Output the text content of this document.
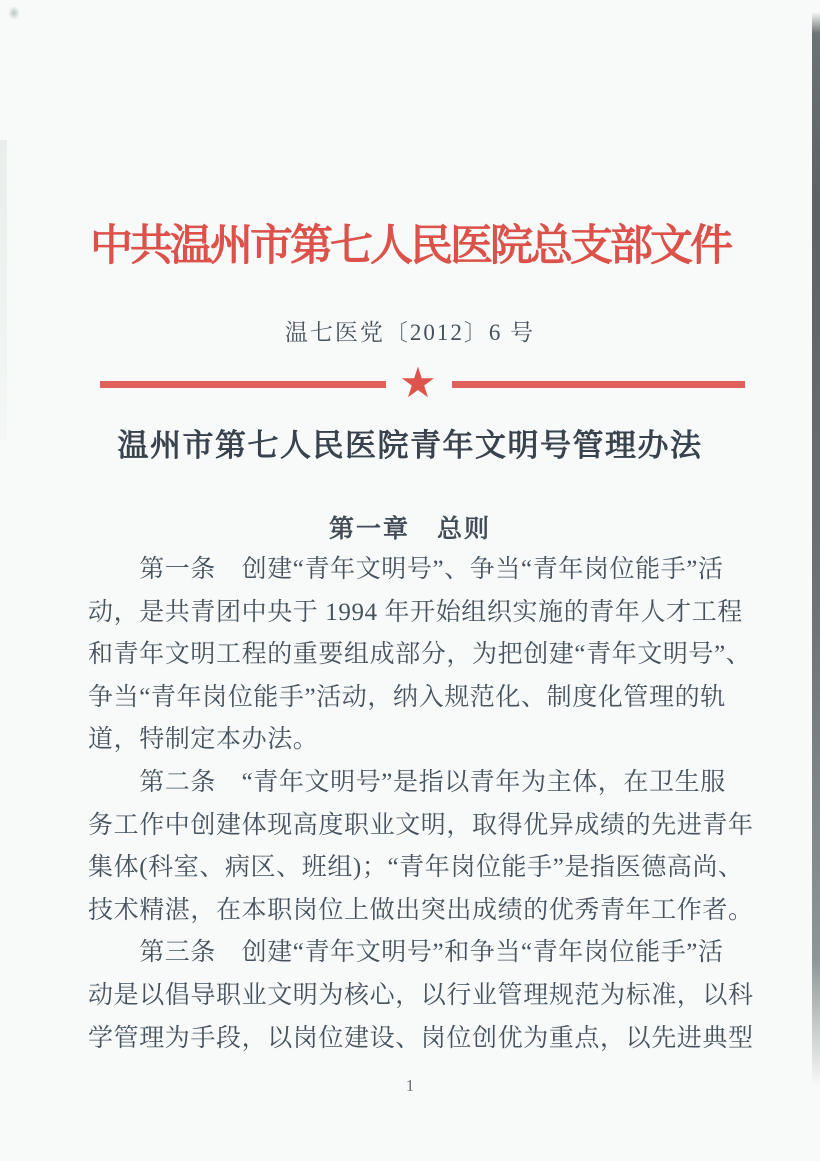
中共温州市第七人民医院总支部文件
温七医党〔2012〕6 号
★
温州市第七人民医院青年文明号管理办法
第一章　总则
　　第一条　创建“青年文明号”、争当“青年岗位能手”活
动，是共青团中央于 1994 年开始组织实施的青年人才工程
和青年文明工程的重要组成部分，为把创建“青年文明号”、
争当“青年岗位能手”活动，纳入规范化、制度化管理的轨
道，特制定本办法。
　　第二条　“青年文明号”是指以青年为主体，在卫生服
务工作中创建体现高度职业文明，取得优异成绩的先进青年
集体(科室、病区、班组)；“青年岗位能手”是指医德高尚、
技术精湛，在本职岗位上做出突出成绩的优秀青年工作者。
　　第三条　创建“青年文明号”和争当“青年岗位能手”活
动是以倡导职业文明为核心，以行业管理规范为标准，以科
学管理为手段，以岗位建设、岗位创优为重点，以先进典型
1
